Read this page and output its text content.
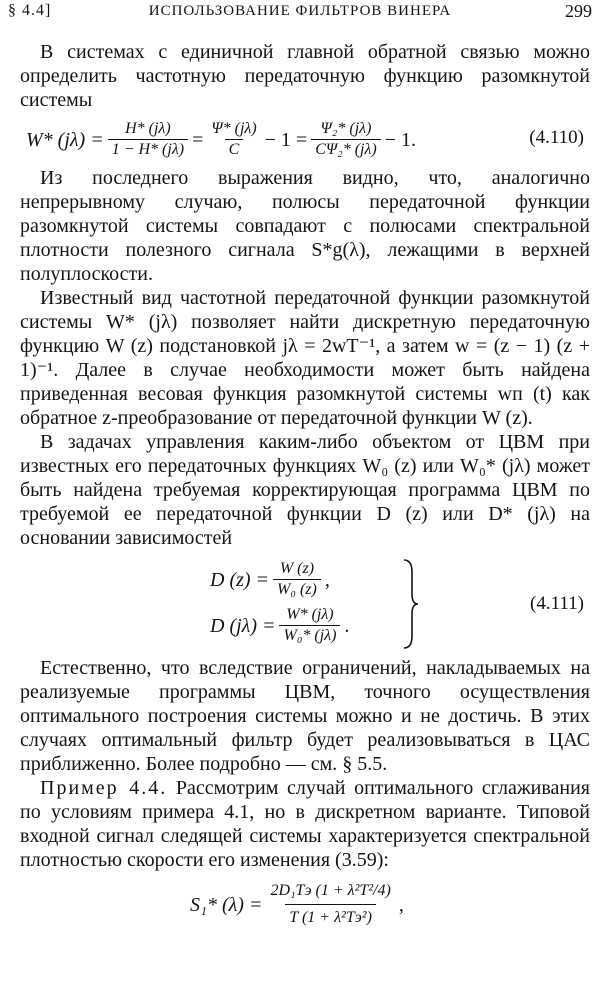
§ 4.4]	ИСПОЛЬЗОВАНИЕ ФИЛЬТРОВ ВИНЕРА	299

В системах с единичной главной обратной связью можно определить частотную передаточную функцию разомкнутой системы

W* $(j\lambda) = \frac{H* (j\lambda)}{1 - H* (j\lambda)} = \frac{\Psi* (j\lambda)}{C} - 1 = \frac{\text{Ψ₂* (jλ)}}{\text{CΨ₂* (jλ)}} - 1$.	(4.110)

Из последнего выражения видно, что, аналогично непрерывному случаю, полюсы передаточной функции разомкнутой системы совпадают с полюсами спектральной плотности полезного сигнала S*g(λ), лежащими в верхней полуплоскости.

Известный вид частотной передаточной функции разомкнутой системы W* (jλ) позволяет найти дискретную передаточную функцию W (z) подстановкой jλ = 2wT⁻¹, а затем w = (z − 1) (z + 1)⁻¹. Далее в случае необходимости может быть найдена приведенная весовая функция разомкнутой системы wп (t) как обратное z-преобразование от передаточной функции W (z).

В задачах управления каким-либо объектом от ЦВМ при известных его передаточных функциях W₀ (z) или W₀* (jλ) может быть найдена требуемая корректирующая программа ЦВМ по требуемой ее передаточной функции D (z) или D* (jλ) на основании зависимостей

D $(z) = \frac{W (z)}{\text{W₀ (z)}}$ ,
D $(j\lambda) = \frac{W* (j\lambda)}{\text{W₀* (jλ)}}$ .
(4.111)

Естественно, что вследствие ограничений, накладываемых на реализуемые программы ЦВМ, точного осуществления оптимального построения системы можно и не достичь. В этих случаях оптимальный фильтр будет реализовываться в ЦАС приближенно. Более подробно — см. § 5.5.

Пример 4.4. Рассмотрим случай оптимального сглаживания по условиям примера 4.1, но в дискретном варианте. Типовой входной сигнал следящей системы характеризуется спектральной плотностью скорости его изменения (3.59):

S₁* $(\lambda) = \frac{\text{2D₁Tэ (1 + λ²T²/4)}}{\text{T (1 + λ²Tэ²)}}$ ,
